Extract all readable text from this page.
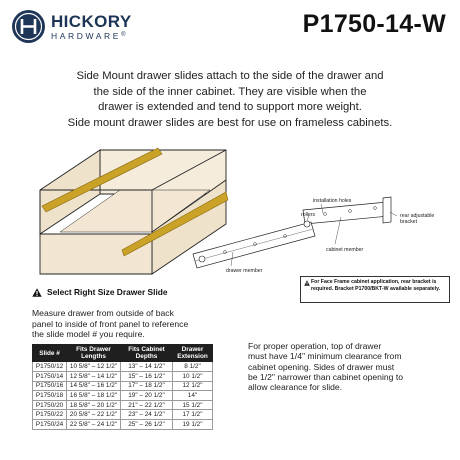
HICKORY
HARDWARE®	P1750-14-W
Side Mount drawer slides attach to the side of the drawer and
the side of the inner cabinet. They are visible when the
drawer is extended and tend to support more weight.
Side mount drawer slides are best for use on frameless cabinets.
installation holes
rollers	rear adjustable bracket
cabinet member
drawer member
For Face Frame cabinet application, rear bracket is required. Bracket P1700/BKT-W available separately.
Select Right Size Drawer Slide
Measure drawer from outside of back
panel to inside of front panel to reference
the slide model # you require.
Slide #	Fits Drawer Lengths	Fits Cabinet Depths	Drawer Extension
P1750/12	10 5/8" – 12 1/2"	13" – 14 1/2"	8 1/2"
P1750/14	12 5/8" – 14 1/2"	15" – 16 1/2"	10 1/2"
P1750/16	14 5/8" – 16 1/2"	17" – 18 1/2"	12 1/2"
P1750/18	16 5/8" – 18 1/2"	19" – 20 1/2"	14"
P1750/20	18 5/8" – 20 1/2"	21" – 22 1/2"	15 1/2"
P1750/22	20 5/8" – 22 1/2"	23" – 24 1/2"	17 1/2"
P1750/24	22 5/8" – 24 1/2"	25" – 26 1/2"	19 1/2"
For proper operation, top of drawer
must have 1/4" minimum clearance from
cabinet opening. Sides of drawer must
be 1/2" narrower than cabinet opening to
allow clearance for slide.
